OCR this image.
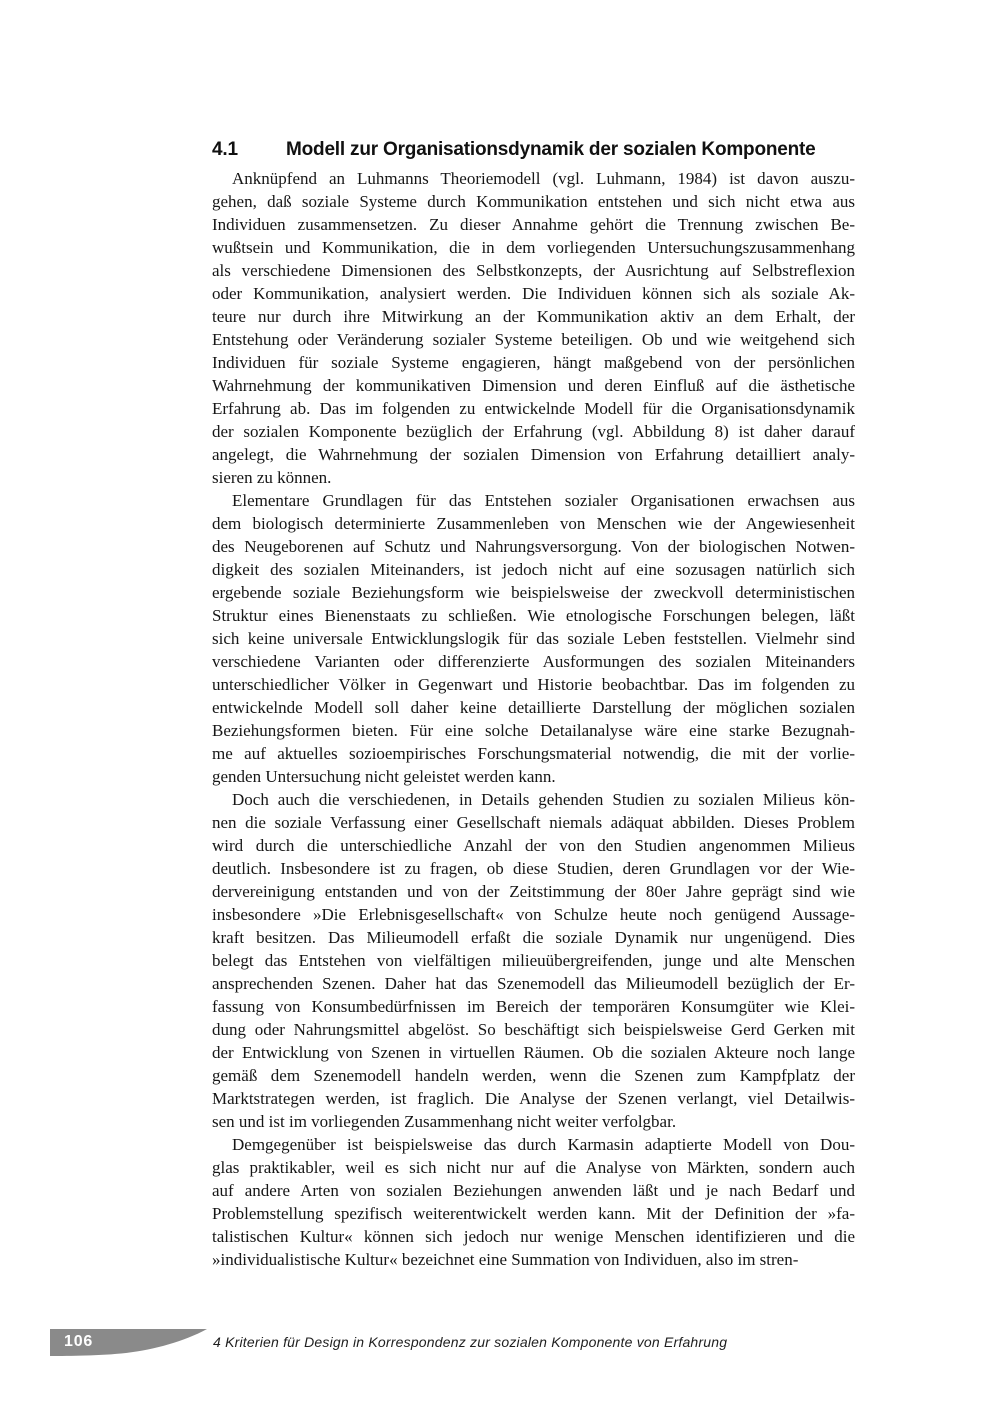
4.1	Modell zur Organisationsdynamik der sozialen Komponente
Anknüpfend an Luhmanns Theoriemodell (vgl. Luhmann, 1984) ist davon auszu-
gehen, daß soziale Systeme durch Kommunikation entstehen und sich nicht etwa aus
Individuen zusammensetzen. Zu dieser Annahme gehört die Trennung zwischen Be-
wußtsein und Kommunikation, die in dem vorliegenden Untersuchungszusammenhang
als verschiedene Dimensionen des Selbstkonzepts, der Ausrichtung auf Selbstreflexion
oder Kommunikation, analysiert werden. Die Individuen können sich als soziale Ak-
teure nur durch ihre Mitwirkung an der Kommunikation aktiv an dem Erhalt, der
Entstehung oder Veränderung sozialer Systeme beteiligen. Ob und wie weitgehend sich
Individuen für soziale Systeme engagieren, hängt maßgebend von der persönlichen
Wahrnehmung der kommunikativen Dimension und deren Einfluß auf die ästhetische
Erfahrung ab. Das im folgenden zu entwickelnde Modell für die Organisationsdynamik
der sozialen Komponente bezüglich der Erfahrung (vgl. Abbildung 8) ist daher darauf
angelegt, die Wahrnehmung der sozialen Dimension von Erfahrung detailliert analy-
sieren zu können.
Elementare Grundlagen für das Entstehen sozialer Organisationen erwachsen aus
dem biologisch determinierte Zusammenleben von Menschen wie der Angewiesenheit
des Neugeborenen auf Schutz und Nahrungsversorgung. Von der biologischen Notwen-
digkeit des sozialen Miteinanders, ist jedoch nicht auf eine sozusagen natürlich sich
ergebende soziale Beziehungsform wie beispielsweise der zweckvoll deterministischen
Struktur eines Bienenstaats zu schließen. Wie etnologische Forschungen belegen, läßt
sich keine universale Entwicklungslogik für das soziale Leben feststellen. Vielmehr sind
verschiedene Varianten oder differenzierte Ausformungen des sozialen Miteinanders
unterschiedlicher Völker in Gegenwart und Historie beobachtbar. Das im folgenden zu
entwickelnde Modell soll daher keine detaillierte Darstellung der möglichen sozialen
Beziehungsformen bieten. Für eine solche Detailanalyse wäre eine starke Bezugnah-
me auf aktuelles sozioempirisches Forschungsmaterial notwendig, die mit der vorlie-
genden Untersuchung nicht geleistet werden kann.
Doch auch die verschiedenen, in Details gehenden Studien zu sozialen Milieus kön-
nen die soziale Verfassung einer Gesellschaft niemals adäquat abbilden. Dieses Problem
wird durch die unterschiedliche Anzahl der von den Studien angenommen Milieus
deutlich. Insbesondere ist zu fragen, ob diese Studien, deren Grundlagen vor der Wie-
dervereinigung entstanden und von der Zeitstimmung der 80er Jahre geprägt sind wie
insbesondere »Die Erlebnisgesellschaft« von Schulze heute noch genügend Aussage-
kraft besitzen. Das Milieumodell erfaßt die soziale Dynamik nur ungenügend. Dies
belegt das Entstehen von vielfältigen milieuübergreifenden, junge und alte Menschen
ansprechenden Szenen. Daher hat das Szenemodell das Milieumodell bezüglich der Er-
fassung von Konsumbedürfnissen im Bereich der temporären Konsumgüter wie Klei-
dung oder Nahrungsmittel abgelöst. So beschäftigt sich beispielsweise Gerd Gerken mit
der Entwicklung von Szenen in virtuellen Räumen. Ob die sozialen Akteure noch lange
gemäß dem Szenemodell handeln werden, wenn die Szenen zum Kampfplatz der
Marktstrategen werden, ist fraglich. Die Analyse der Szenen verlangt, viel Detailwis-
sen und ist im vorliegenden Zusammenhang nicht weiter verfolgbar.
Demgegenüber ist beispielsweise das durch Karmasin adaptierte Modell von Dou-
glas praktikabler, weil es sich nicht nur auf die Analyse von Märkten, sondern auch
auf andere Arten von sozialen Beziehungen anwenden läßt und je nach Bedarf und
Problemstellung spezifisch weiterentwickelt werden kann. Mit der Definition der »fa-
talistischen Kultur« können sich jedoch nur wenige Menschen identifizieren und die
»individualistische Kultur« bezeichnet eine Summation von Individuen, also im stren-
106	4 Kriterien für Design in Korrespondenz zur sozialen Komponente von Erfahrung
